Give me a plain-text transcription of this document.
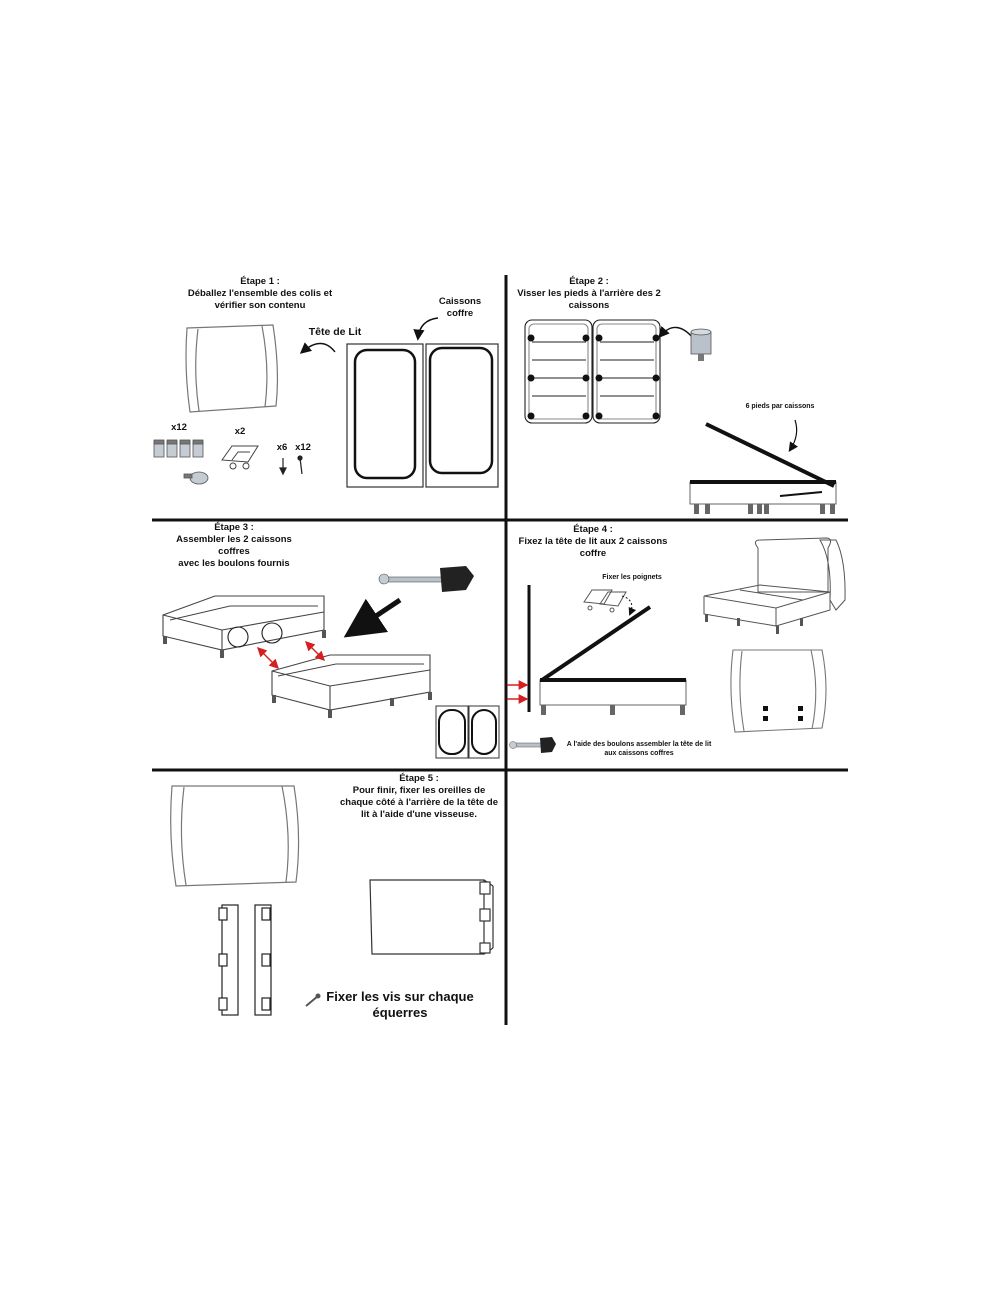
Étape 1 :
Déballez l'ensemble des colis et
vérifier son contenu
Tête de Lit
Caissons
coffre
x12	x2
x6 x12
Étape 2 :
Visser les pieds à l'arrière des 2
caissons
6 pieds par caissons
Étape 3 :
Assembler les 2 caissons coffres
avec les boulons fournis
Étape 4 :
Fixez la tête de lit aux 2 caissons
coffre
Fixer les poignets
A l'aide des boulons assembler la tête de lit
aux caissons coffres
Étape 5 :
Pour finir, fixer les oreilles de
chaque côté à l'arrière de la tête de
lit à l'aide d'une visseuse.
Fixer les vis sur chaque
équerres
